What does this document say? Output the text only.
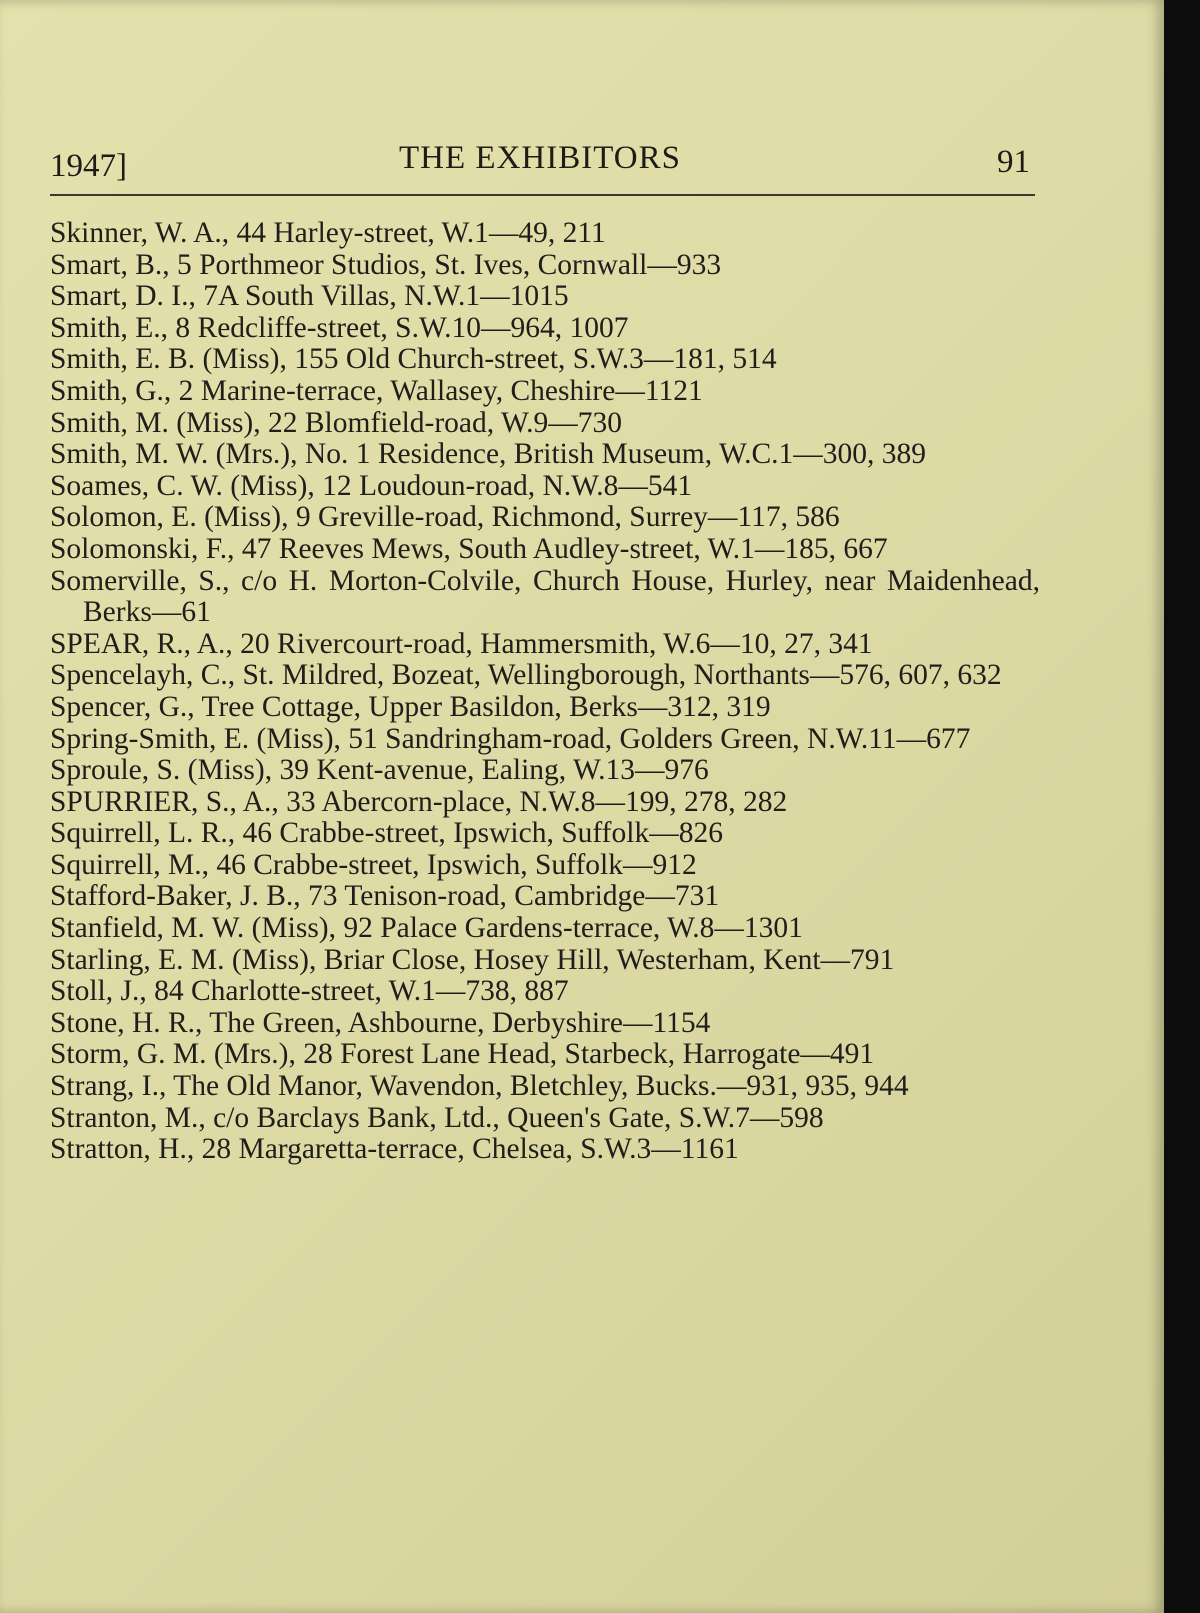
1947]	THE EXHIBITORS	91
Skinner, W. A., 44 Harley-street, W.1—49, 211
Smart, B., 5 Porthmeor Studios, St. Ives, Cornwall—933
Smart, D. I., 7A South Villas, N.W.1—1015
Smith, E., 8 Redcliffe-street, S.W.10—964, 1007
Smith, E. B. (Miss), 155 Old Church-street, S.W.3—181, 514
Smith, G., 2 Marine-terrace, Wallasey, Cheshire—1121
Smith, M. (Miss), 22 Blomfield-road, W.9—730
Smith, M. W. (Mrs.), No. 1 Residence, British Museum, W.C.1—300, 389
Soames, C. W. (Miss), 12 Loudoun-road, N.W.8—541
Solomon, E. (Miss), 9 Greville-road, Richmond, Surrey—117, 586
Solomonski, F., 47 Reeves Mews, South Audley-street, W.1—185, 667
Somerville, S., c/o H. Morton-Colvile, Church House, Hurley, near Maidenhead, Berks—61
SPEAR, R., A., 20 Rivercourt-road, Hammersmith, W.6—10, 27, 341
Spencelayh, C., St. Mildred, Bozeat, Wellingborough, Northants—576, 607, 632
Spencer, G., Tree Cottage, Upper Basildon, Berks—312, 319
Spring-Smith, E. (Miss), 51 Sandringham-road, Golders Green, N.W.11—677
Sproule, S. (Miss), 39 Kent-avenue, Ealing, W.13—976
SPURRIER, S., A., 33 Abercorn-place, N.W.8—199, 278, 282
Squirrell, L. R., 46 Crabbe-street, Ipswich, Suffolk—826
Squirrell, M., 46 Crabbe-street, Ipswich, Suffolk—912
Stafford-Baker, J. B., 73 Tenison-road, Cambridge—731
Stanfield, M. W. (Miss), 92 Palace Gardens-terrace, W.8—1301
Starling, E. M. (Miss), Briar Close, Hosey Hill, Westerham, Kent—791
Stoll, J., 84 Charlotte-street, W.1—738, 887
Stone, H. R., The Green, Ashbourne, Derbyshire—1154
Storm, G. M. (Mrs.), 28 Forest Lane Head, Starbeck, Harrogate—491
Strang, I., The Old Manor, Wavendon, Bletchley, Bucks.—931, 935, 944
Stranton, M., c/o Barclays Bank, Ltd., Queen's Gate, S.W.7—598
Stratton, H., 28 Margaretta-terrace, Chelsea, S.W.3—1161
